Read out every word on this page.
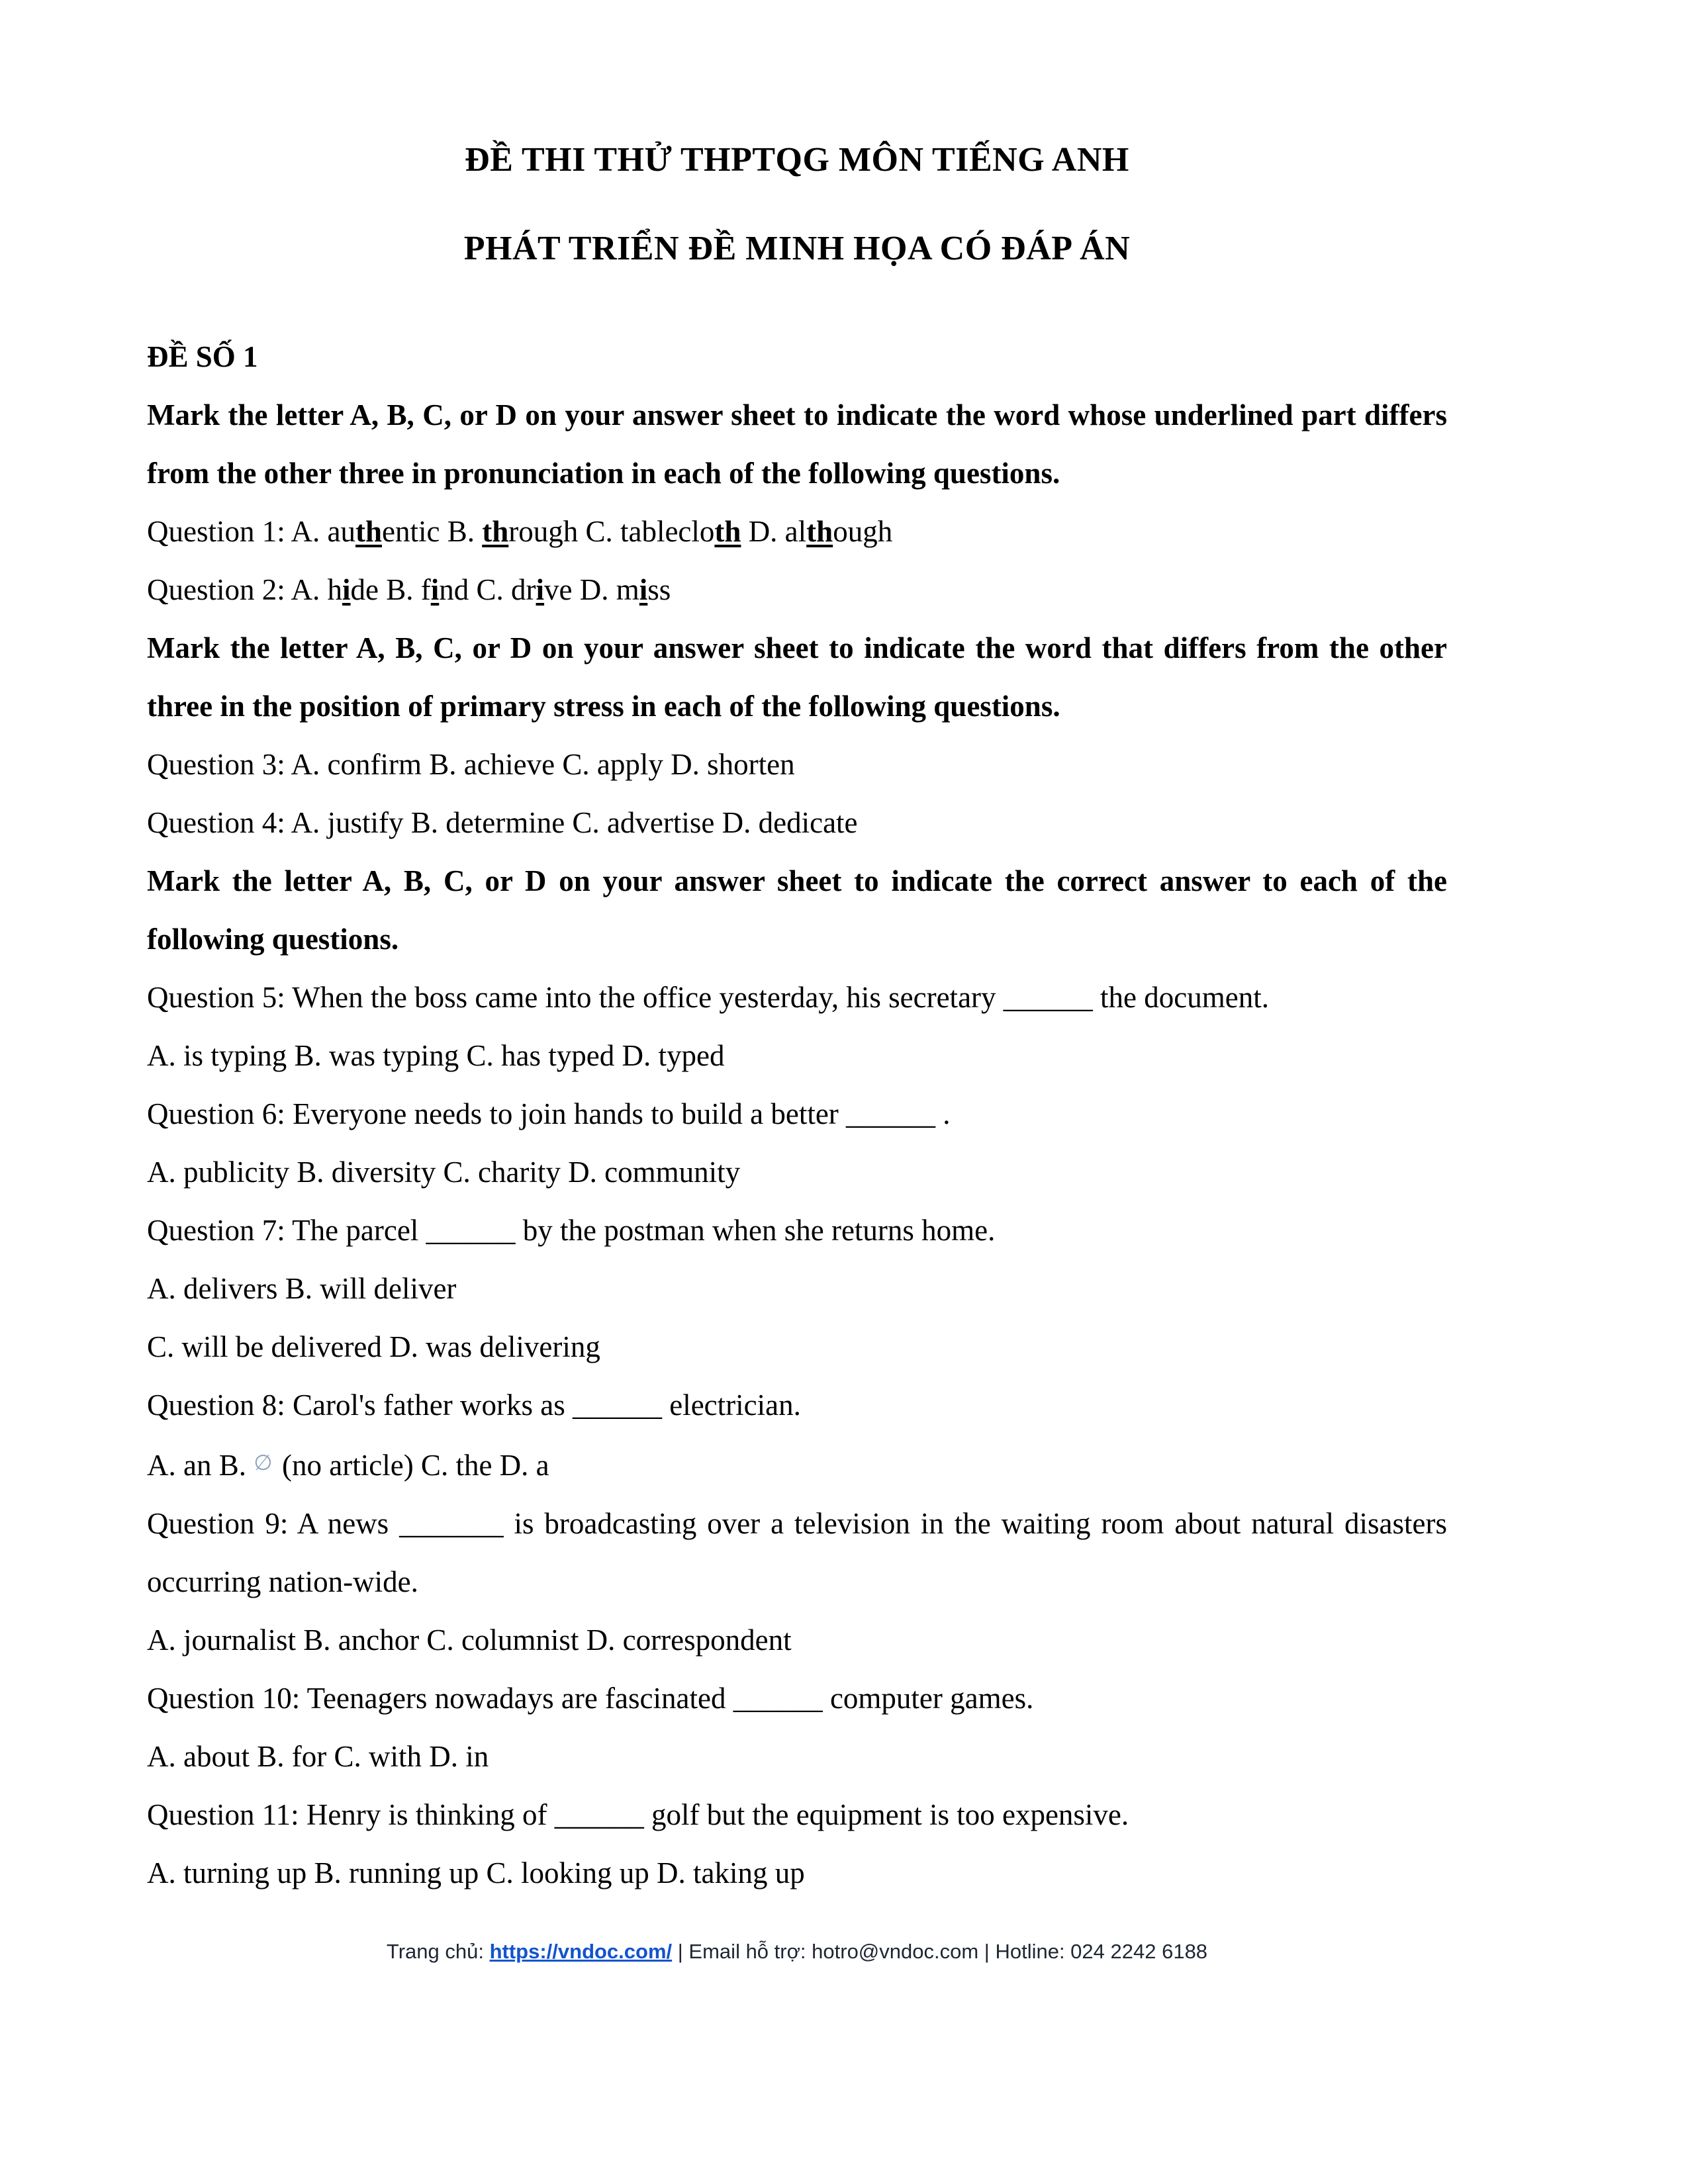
ĐỀ THI THỬ THPTQG MÔN TIẾNG ANH
PHÁT TRIỂN ĐỀ MINH HỌA CÓ ĐÁP ÁN

ĐỀ SỐ 1

Mark the letter A, B, C, or D on your answer sheet to indicate the word whose underlined part differs from the other three in pronunciation in each of the following questions.

Question 1: A. authentic B. through C. tablecloth D. although

Question 2: A. hide B. find C. drive D. miss

Mark the letter A, B, C, or D on your answer sheet to indicate the word that differs from the other three in the position of primary stress in each of the following questions.

Question 3: A. confirm B. achieve C. apply D. shorten

Question 4: A. justify B. determine C. advertise D. dedicate

Mark the letter A, B, C, or D on your answer sheet to indicate the correct answer to each of the following questions.

Question 5: When the boss came into the office yesterday, his secretary ______ the document.

A. is typing B. was typing C. has typed D. typed

Question 6: Everyone needs to join hands to build a better ______ .

A. publicity B. diversity C. charity D. community

Question 7: The parcel ______ by the postman when she returns home.

A. delivers B. will deliver

C. will be delivered D. was delivering

Question 8: Carol's father works as ______ electrician.

A. an B. ∅ (no article) C. the D. a

Question 9: A news _______ is broadcasting over a television in the waiting room about natural disasters occurring nation-wide.

A. journalist B. anchor C. columnist D. correspondent

Question 10: Teenagers nowadays are fascinated ______ computer games.

A. about B. for C. with D. in

Question 11: Henry is thinking of ______ golf but the equipment is too expensive.

A. turning up B. running up C. looking up D. taking up

Trang chủ: https://vndoc.com/ | Email hỗ trợ: hotro@vndoc.com | Hotline: 024 2242 6188
